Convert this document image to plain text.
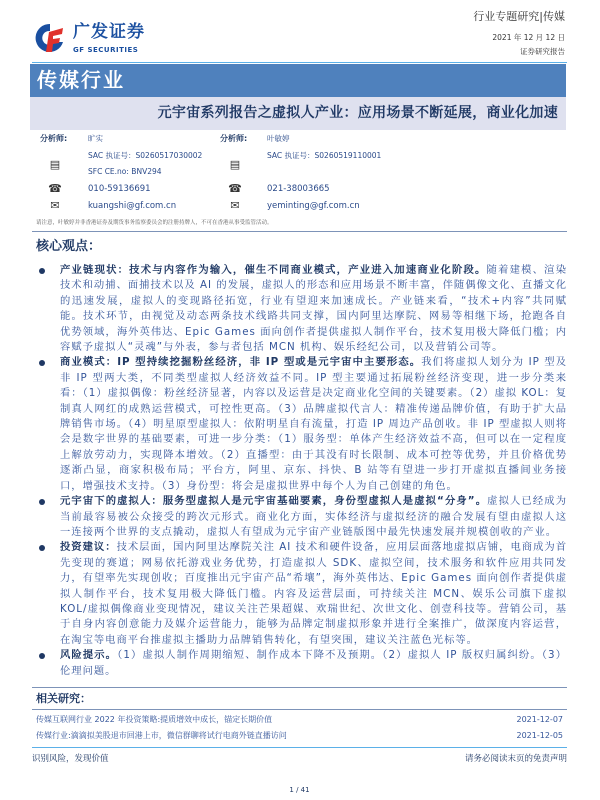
广发证券
GF SECURITIES
行业专题研究|传媒
2021 年 12 月 12 日
证券研究报告
传媒行业
元宇宙系列报告之虚拟人产业：应用场景不断延展，商业化加速
分析师:	旷实
▤
SAC 执证号：S0260517030002
SFC CE.no: BNV294
☎	010-59136691
✉	kuangshi@gf.com.cn
分析师:	叶敏婷
▤
SAC 执证号：S0260519110001
☎	021-38003665
✉	yeminting@gf.com.cn
请注意，叶敏婷并非香港证券及期货事务监察委员会的注册持牌人，不可在香港从事受监管活动。
核心观点：
产业链现状：技术与内容作为输入，催生不同商业模式，产业进入加速商业化阶段。随着建模、渲染技术和动捕、面捕技术以及 AI 的发展，虚拟人的形态和应用场景不断丰富，伴随偶像文化、直播文化的迅速发展，虚拟人的变现路径拓宽，行业有望迎来加速成长。产业链来看，“技术+内容”共同赋能。技术环节，由视觉及动态两条技术线路共同支撑，国内阿里达摩院、网易等相继下场，抢跑各自优势领域，海外英伟达、Epic Games 面向创作者提供虚拟人制作平台，技术复用极大降低门槛；内容赋予虚拟人“灵魂”与外表，参与者包括 MCN 机构、娱乐经纪公司，以及营销公司等。
商业模式：IP 型持续挖掘粉丝经济，非 IP 型或是元宇宙中主要形态。我们将虚拟人划分为 IP 型及非 IP 型两大类，不同类型虚拟人经济效益不同。IP 型主要通过拓展粉丝经济变现，进一步分类来看：（1）虚拟偶像：粉丝经济显著，内容以及运营是决定商业化空间的关键要素。（2）虚拟 KOL：复制真人网红的成熟运营模式，可控性更高。（3）品牌虚拟代言人：精准传递品牌价值，有助于扩大品牌销售市场。（4）明星原型虚拟人：依附明星自有流量，打造 IP 周边产品创收。非 IP 型虚拟人则将会是数字世界的基础要素，可进一步分类：（1）服务型：单体产生经济效益不高，但可以在一定程度上解放劳动力，实现降本增效。（2）直播型：由于其没有时长限制、成本可控等优势，并且价格优势逐渐凸显，商家积极布局；平台方，阿里、京东、抖快、B 站等有望进一步打开虚拟直播间业务接口，增强技术支持。（3）身份型：将会是虚拟世界中每个人为自己创建的角色。
元宇宙下的虚拟人：服务型虚拟人是元宇宙基础要素，身份型虚拟人是虚拟“分身”。虚拟人已经成为当前最容易被公众接受的跨次元形式。商业化方面，实体经济与虚拟经济的融合发展有望由虚拟人这一连接两个世界的支点撬动，虚拟人有望成为元宇宙产业链版图中最先快速发展并规模创收的产业。
投资建议：技术层面，国内阿里达摩院关注 AI 技术和硬件设备，应用层面落地虚拟店铺，电商成为首先变现的赛道；网易依托游戏业务优势，打造虚拟人 SDK、虚拟空间，技术服务和软件应用共同发力，有望率先实现创收；百度推出元宇宙产品“希壤”，海外英伟达、Epic Games 面向创作者提供虚拟人制作平台，技术复用极大降低门槛。内容及运营层面，可持续关注 MCN、娱乐公司旗下虚拟 KOL/虚拟偶像商业变现情况，建议关注芒果超媒、欢瑞世纪、次世文化、创壹科技等。营销公司，基于自身内容创意能力及媒介运营能力，能够为品牌定制虚拟形象并进行全案推广，做深度内容运营，在淘宝等电商平台推虚拟主播助力品牌销售转化，有望突围，建议关注蓝色光标等。
风险提示。（1）虚拟人制作周期缩短、制作成本下降不及预期。（2）虚拟人 IP 版权归属纠纷。（3）伦理问题。
相关研究：
传媒互联网行业 2022 年投资策略:提质增效中成长，锚定长期价值	2021-12-07
传媒行业:滴滴拟美股退市回港上市，微信群聊将试行电商外链直播访问	2021-12-05
识别风险，发现价值	请务必阅读末页的免责声明
1 / 41
